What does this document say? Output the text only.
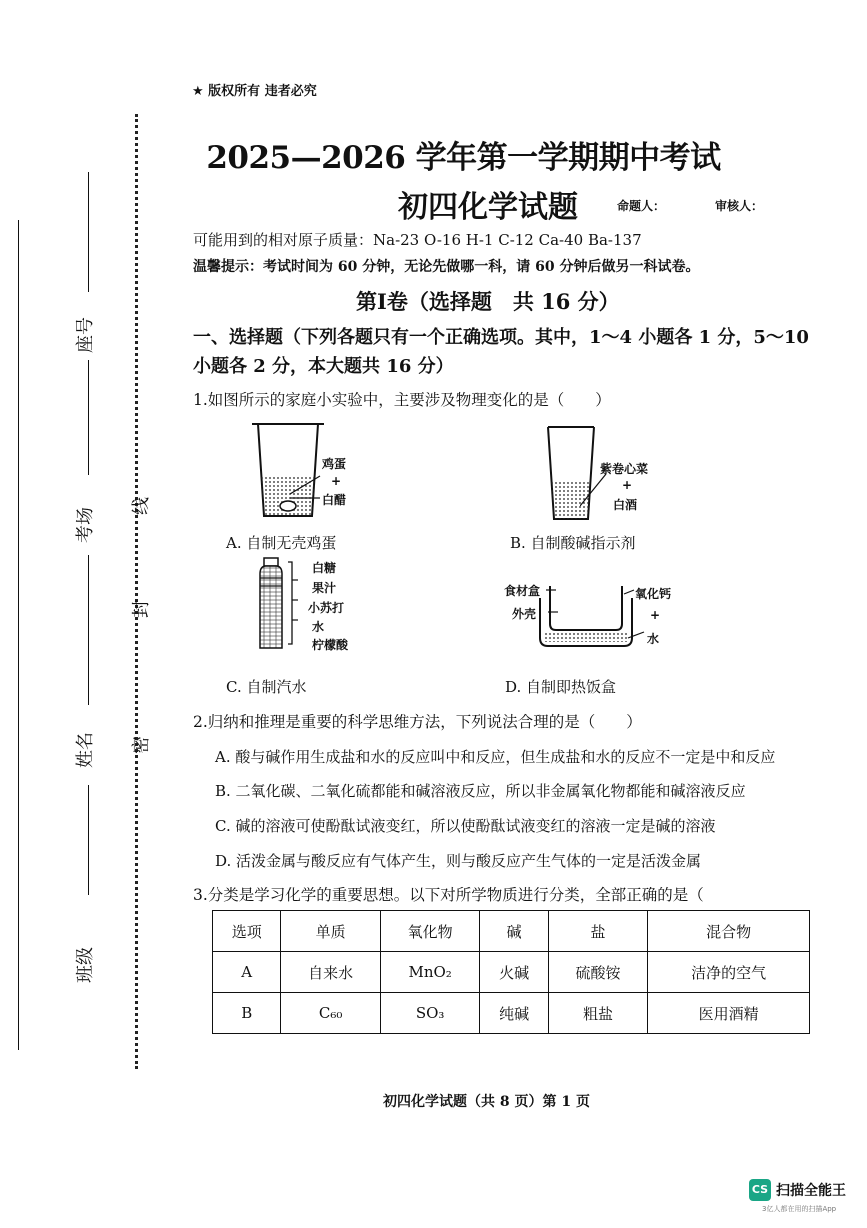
★ 版权所有 违者必究
2025—2026 学年第一学期期中考试
初四化学试题	命题人：	审核人：
可能用到的相对原子质量：Na-23 O-16 H-1 C-12 Ca-40 Ba-137
温馨提示：考试时间为 60 分钟，无论先做哪一科，请 60 分钟后做另一科试卷。
第Ⅰ卷（选择题　共 16 分）
一、选择题（下列各题只有一个正确选项。其中，1～4 小题各 1 分，5～10 小题各 2 分，本大题共 16 分）
座号
考场
姓名
班级
线
封
密
1.如图所示的家庭小实验中，主要涉及物理变化的是（　　）
鸡蛋
+
白醋
A. 自制无壳鸡蛋
紫卷心菜
+
白酒
B. 自制酸碱指示剂
白糖
果汁
小苏打
水
柠檬酸
C. 自制汽水
食材盒
外壳
氧化钙
+
水
D. 自制即热饭盒
2.归纳和推理是重要的科学思维方法，下列说法合理的是（　　）
A. 酸与碱作用生成盐和水的反应叫中和反应，但生成盐和水的反应不一定是中和反应
B. 二氧化碳、二氧化硫都能和碱溶液反应，所以非金属氧化物都能和碱溶液反应
C. 碱的溶液可使酚酞试液变红，所以使酚酞试液变红的溶液一定是碱的溶液
D. 活泼金属与酸反应有气体产生，则与酸反应产生气体的一定是活泼金属
3.分类是学习化学的重要思想。以下对所学物质进行分类，全部正确的是（
选项	单质	氧化物	碱	盐	混合物
A	自来水	MnO₂	火碱	硫酸铵	洁净的空气
B	C₆₀	SO₃	纯碱	粗盐	医用酒精
初四化学试题（共 8 页）第 1 页
CS 扫描全能王
3亿人都在用的扫描App
